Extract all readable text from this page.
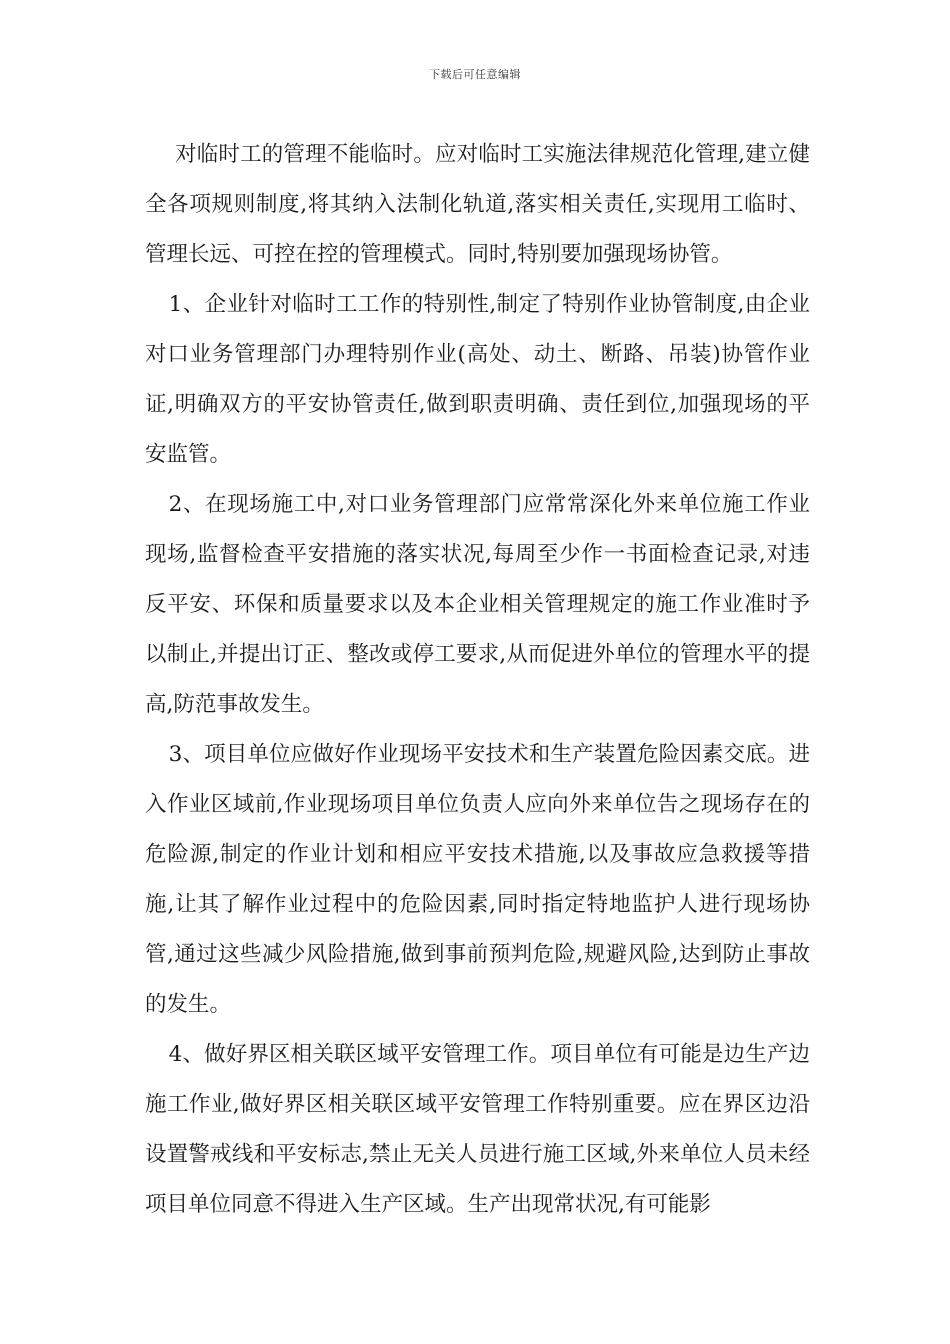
下载后可任意编辑

对临时工的管理不能临时。应对临时工实施法律规范化管理,建立健全各项规则制度,将其纳入法制化轨道,落实相关责任,实现用工临时、管理长远、可控在控的管理模式。同时,特别要加强现场协管。

1、企业针对临时工工作的特别性,制定了特别作业协管制度,由企业对口业务管理部门办理特别作业(高处、动土、断路、吊装)协管作业证,明确双方的平安协管责任,做到职责明确、责任到位,加强现场的平安监管。

2、在现场施工中,对口业务管理部门应常常深化外来单位施工作业现场,监督检查平安措施的落实状况,每周至少作一书面检查记录,对违反平安、环保和质量要求以及本企业相关管理规定的施工作业准时予以制止,并提出订正、整改或停工要求,从而促进外单位的管理水平的提高,防范事故发生。

3、项目单位应做好作业现场平安技术和生产装置危险因素交底。进入作业区域前,作业现场项目单位负责人应向外来单位告之现场存在的危险源,制定的作业计划和相应平安技术措施,以及事故应急救援等措施,让其了解作业过程中的危险因素,同时指定特地监护人进行现场协管,通过这些减少风险措施,做到事前预判危险,规避风险,达到防止事故的发生。

4、做好界区相关联区域平安管理工作。项目单位有可能是边生产边施工作业,做好界区相关联区域平安管理工作特别重要。应在界区边沿设置警戒线和平安标志,禁止无关人员进行施工区域,外来单位人员未经项目单位同意不得进入生产区域。生产出现常状况,有可能影
